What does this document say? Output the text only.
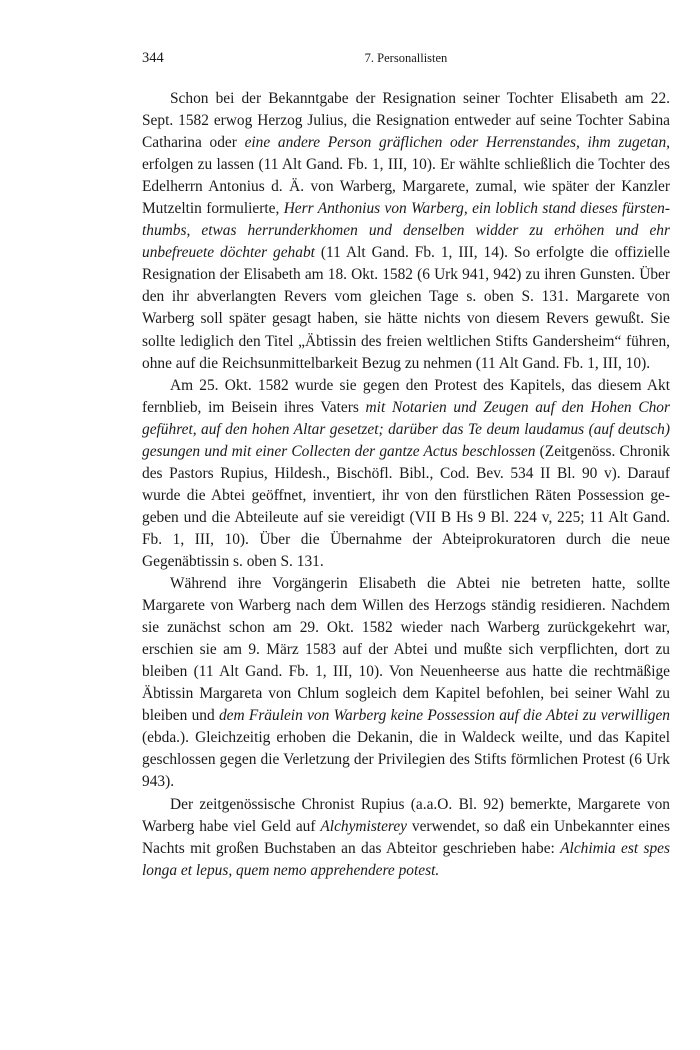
344	7. Personallisten

Schon bei der Bekanntgabe der Resignation seiner Tochter Elisabeth am 22. Sept. 1582 erwog Herzog Julius, die Resignation entweder auf seine Tochter Sabina Catharina oder eine andere Person gräflichen oder Herrenstandes, ihm zugetan, erfolgen zu lassen (11 Alt Gand. Fb. 1, III, 10). Er wählte schließlich die Tochter des Edelherrn Antonius d. Ä. von Warberg, Margarete, zumal, wie später der Kanzler Mutzeltin formulierte, Herr Anthonius von Warberg, ein loblich stand dieses fürstenthumbs, etwas herrunderkhomen und denselben widder zu erhöhen und ehr unbefreuete döchter gehabt (11 Alt Gand. Fb. 1, III, 14). So erfolgte die offizielle Resignation der Elisabeth am 18. Okt. 1582 (6 Urk 941, 942) zu ihren Gunsten. Über den ihr abverlangten Revers vom gleichen Tage s. oben S. 131. Margarete von Warberg soll später gesagt haben, sie hätte nichts von diesem Revers gewußt. Sie sollte lediglich den Titel „Äbtissin des freien weltlichen Stifts Gandersheim“ führen, ohne auf die Reichsunmittelbarkeit Bezug zu nehmen (11 Alt Gand. Fb. 1, III, 10).

Am 25. Okt. 1582 wurde sie gegen den Protest des Kapitels, das diesem Akt fernblieb, im Beisein ihres Vaters mit Notarien und Zeugen auf den Hohen Chor geführet, auf den hohen Altar gesetzet; darüber das Te deum laudamus (auf deutsch) gesungen und mit einer Collecten der gantze Actus beschlossen (Zeitgenöss. Chronik des Pastors Rupius, Hildesh., Bischöfl. Bibl., Cod. Bev. 534 II Bl. 90 v). Darauf wurde die Abtei geöffnet, inventiert, ihr von den fürstlichen Räten Possession gegeben und die Abteileute auf sie vereidigt (VII B Hs 9 Bl. 224 v, 225; 11 Alt Gand. Fb. 1, III, 10). Über die Übernahme der Abteiprokuratoren durch die neue Gegenäbtissin s. oben S. 131.

Während ihre Vorgängerin Elisabeth die Abtei nie betreten hatte, sollte Margarete von Warberg nach dem Willen des Herzogs ständig residieren. Nachdem sie zunächst schon am 29. Okt. 1582 wieder nach Warberg zurückgekehrt war, erschien sie am 9. März 1583 auf der Abtei und mußte sich verpflichten, dort zu bleiben (11 Alt Gand. Fb. 1, III, 10). Von Neuenheerse aus hatte die rechtmäßige Äbtissin Margareta von Chlum sogleich dem Kapitel befohlen, bei seiner Wahl zu bleiben und dem Fräulein von Warberg keine Possession auf die Abtei zu verwilligen (ebda.). Gleichzeitig erhoben die Dekanin, die in Waldeck weilte, und das Kapitel geschlossen gegen die Verletzung der Privilegien des Stifts förmlichen Protest (6 Urk 943).

Der zeitgenössische Chronist Rupius (a.a.O. Bl. 92) bemerkte, Margarete von Warberg habe viel Geld auf Alchymisterey verwendet, so daß ein Unbekannter eines Nachts mit großen Buchstaben an das Abteitor geschrieben habe: Alchimia est spes longa et lepus, quem nemo apprehendere potest.
